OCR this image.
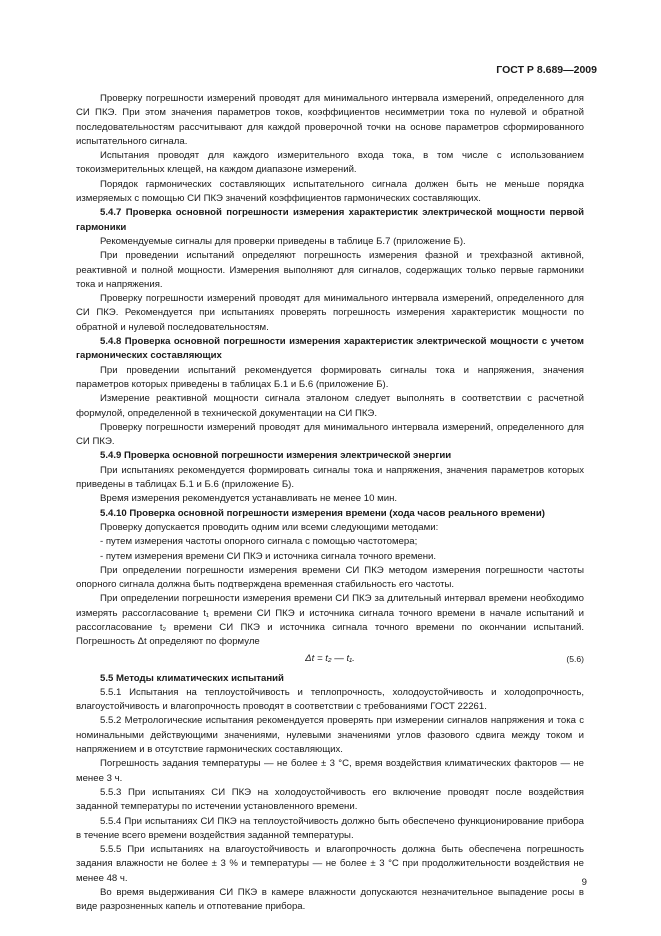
ГОСТ Р 8.689—2009

Проверку погрешности измерений проводят для минимального интервала измерений, определенного для СИ ПКЭ. При этом значения параметров токов, коэффициентов несимметрии тока по нулевой и обратной последовательностям рассчитывают для каждой проверочной точки на основе параметров сформированного испытательного сигнала.

Испытания проводят для каждого измерительного входа тока, в том числе с использованием токоизмерительных клещей, на каждом диапазоне измерений.

Порядок гармонических составляющих испытательного сигнала должен быть не меньше порядка измеряемых с помощью СИ ПКЭ значений коэффициентов гармонических составляющих.

5.4.7 Проверка основной погрешности измерения характеристик электрической мощности первой гармоники

Рекомендуемые сигналы для проверки приведены в таблице Б.7 (приложение Б).

При проведении испытаний определяют погрешность измерения фазной и трехфазной активной, реактивной и полной мощности. Измерения выполняют для сигналов, содержащих только первые гармоники тока и напряжения.

Проверку погрешности измерений проводят для минимального интервала измерений, определенного для СИ ПКЭ. Рекомендуется при испытаниях проверять погрешность измерения характеристик мощности по обратной и нулевой последовательностям.

5.4.8 Проверка основной погрешности измерения характеристик электрической мощности с учетом гармонических составляющих

При проведении испытаний рекомендуется формировать сигналы тока и напряжения, значения параметров которых приведены в таблицах Б.1 и Б.6 (приложение Б).

Измерение реактивной мощности сигнала эталоном следует выполнять в соответствии с расчетной формулой, определенной в технической документации на СИ ПКЭ.

Проверку погрешности измерений проводят для минимального интервала измерений, определенного для СИ ПКЭ.

5.4.9 Проверка основной погрешности измерения электрической энергии

При испытаниях рекомендуется формировать сигналы тока и напряжения, значения параметров которых приведены в таблицах Б.1 и Б.6 (приложение Б).

Время измерения рекомендуется устанавливать не менее 10 мин.

5.4.10 Проверка основной погрешности измерения времени (хода часов реального времени)

Проверку допускается проводить одним или всеми следующими методами:

- путем измерения частоты опорного сигнала с помощью частотомера;

- путем измерения времени СИ ПКЭ и источника сигнала точного времени.

При определении погрешности измерения времени СИ ПКЭ методом измерения погрешности частоты опорного сигнала должна быть подтверждена временная стабильность его частоты.

При определении погрешности измерения времени СИ ПКЭ за длительный интервал времени необходимо измерять рассогласование t₁ времени СИ ПКЭ и источника сигнала точного времени в начале испытаний и рассогласование t₂ времени СИ ПКЭ и источника сигнала точного времени по окончании испытаний. Погрешность Δt определяют по формуле

Δt = t₂ — t₁.	(5.6)

5.5 Методы климатических испытаний

5.5.1 Испытания на теплоустойчивость и теплопрочность, холодоустойчивость и холодопрочность, влагоустойчивость и влагопрочность проводят в соответствии с требованиями ГОСТ 22261.

5.5.2 Метрологические испытания рекомендуется проверять при измерении сигналов напряжения и тока с номинальными действующими значениями, нулевыми значениями углов фазового сдвига между током и напряжением и в отсутствие гармонических составляющих.

Погрешность задания температуры — не более ± 3 °С, время воздействия климатических факторов — не менее 3 ч.

5.5.3 При испытаниях СИ ПКЭ на холодоустойчивость его включение проводят после воздействия заданной температуры по истечении установленного времени.

5.5.4 При испытаниях СИ ПКЭ на теплоустойчивость должно быть обеспечено функционирование прибора в течение всего времени воздействия заданной температуры.

5.5.5 При испытаниях на влагоустойчивость и влагопрочность должна быть обеспечена погрешность задания влажности не более ± 3 % и температуры — не более ± 3 °С при продолжительности воздействия не менее 48 ч.

Во время выдерживания СИ ПКЭ в камере влажности допускаются незначительное выпадение росы в виде разрозненных капель и отпотевание прибора.

9
